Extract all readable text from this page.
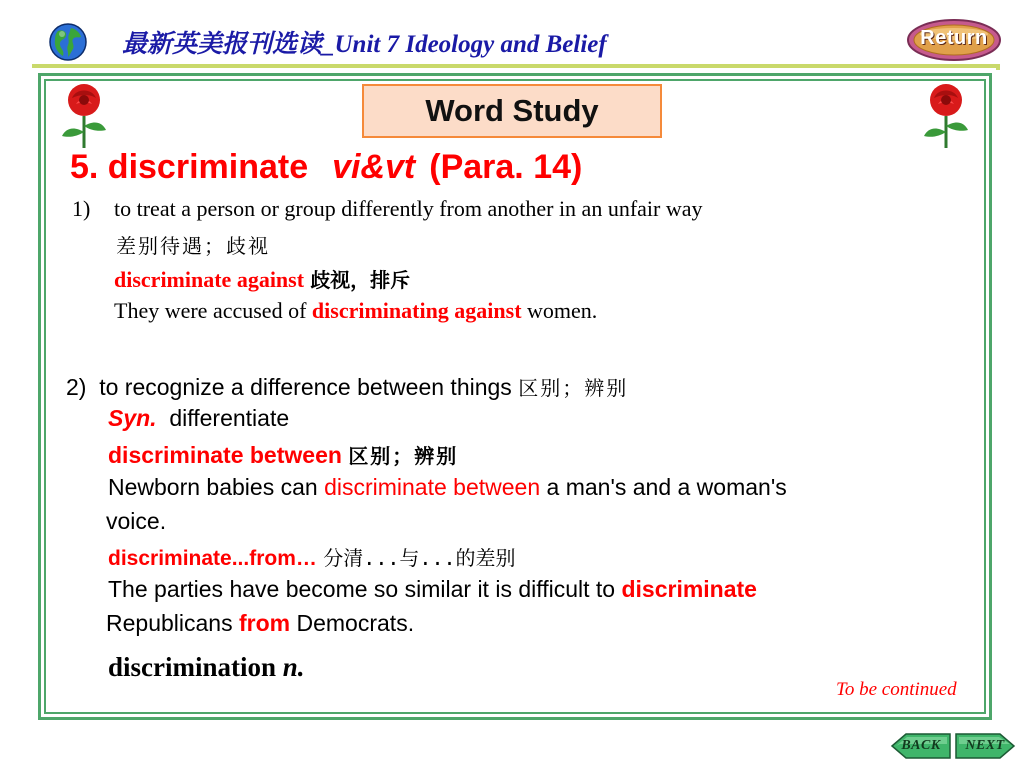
最新英美报刊选读_Unit 7 Ideology and Belief	Return
Word Study
5. discriminate vi&vt (Para. 14)
1) to treat a person or group differently from another in an unfair way
差别待遇；歧视
discriminate against 歧视，排斥
They were accused of discriminating against women.
2) to recognize a difference between things 区别；辨别
Syn. differentiate
discriminate between 区别；辨别
Newborn babies can discriminate between a man's and a woman's
voice.
discriminate...from… 分清...与...的差别
The parties have become so similar it is difficult to discriminate
Republicans from Democrats.
discrimination n.
To be continued
BACK	NEXT
